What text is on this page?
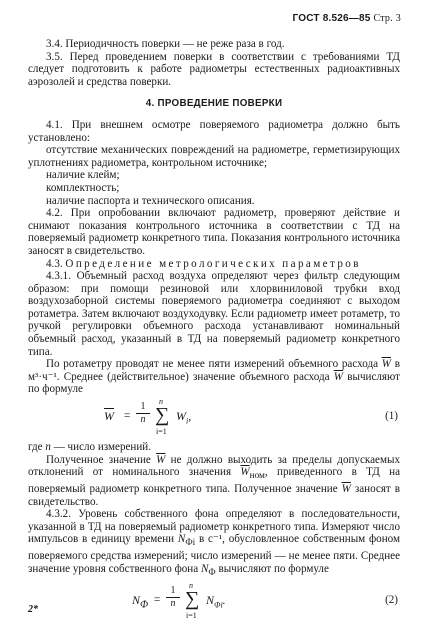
ГОСТ 8.526—85 Стр. 3

3.4. Периодичность поверки — не реже раза в год.

3.5. Перед проведением поверки в соответствии с требованиями ТД следует подготовить к работе радиометры естественных радиоактивных аэрозолей и средства поверки.

4. ПРОВЕДЕНИЕ ПОВЕРКИ

4.1. При внешнем осмотре поверяемого радиометра должно быть установлено:

отсутствие механических повреждений на радиометре, герметизирующих уплотнениях радиометра, контрольном источнике;

наличие клейм;

комплектность;

наличие паспорта и технического описания.

4.2. При опробовании включают радиометр, проверяют действие и снимают показания контрольного источника в соответствии с ТД на поверяемый радиометр конкретного типа. Показания контрольного источника заносят в свидетельство.

4.3. Определение метрологических параметров

4.3.1. Объемный расход воздуха определяют через фильтр следующим образом: при помощи резиновой или хлорвиниловой трубки вход воздухозаборной системы поверяемого радиометра соединяют с выходом ротаметра. Затем включают воздуходувку. Если радиометр имеет ротаметр, то ручкой регулировки объемного расхода устанавливают номинальный объемный расход, указанный в ТД на поверяемый радиометр конкретного типа.

По ротаметру проводят не менее пяти измерений объемного расхода $\overline{W}$ в м³·ч⁻¹. Среднее (действительное) значение объемного расхода $\overline{W}$ вычисляют по формуле

$\overline{W} = \frac{1}{n}$ n
∑
i=1
$W_i$,	(1)

где n — число измерений.

Полученное значение $\overline{W}$ не должно выходить за пределы допускаемых отклонений от номинального значения $\overline{W}_{ном}$, приведенного в ТД на поверяемый радиометр конкретного типа. Полученное значение $\overline{W}$ заносят в свидетельство.

4.3.2. Уровень собственного фона определяют в последовательности, указанной в ТД на поверяемый радиометр конкретного типа. Измеряют число импульсов в единицу времени $N_{Фi}$ в с⁻¹, обусловленное собственным фоном поверяемого средства измерений; число измерений — не менее пяти. Среднее значение уровня собственного фона $N_Ф$ вычисляют по формуле

$N_Ф = \frac{1}{n}$ n
∑
i=1
$N_{Фi}$.	(2)
2*
